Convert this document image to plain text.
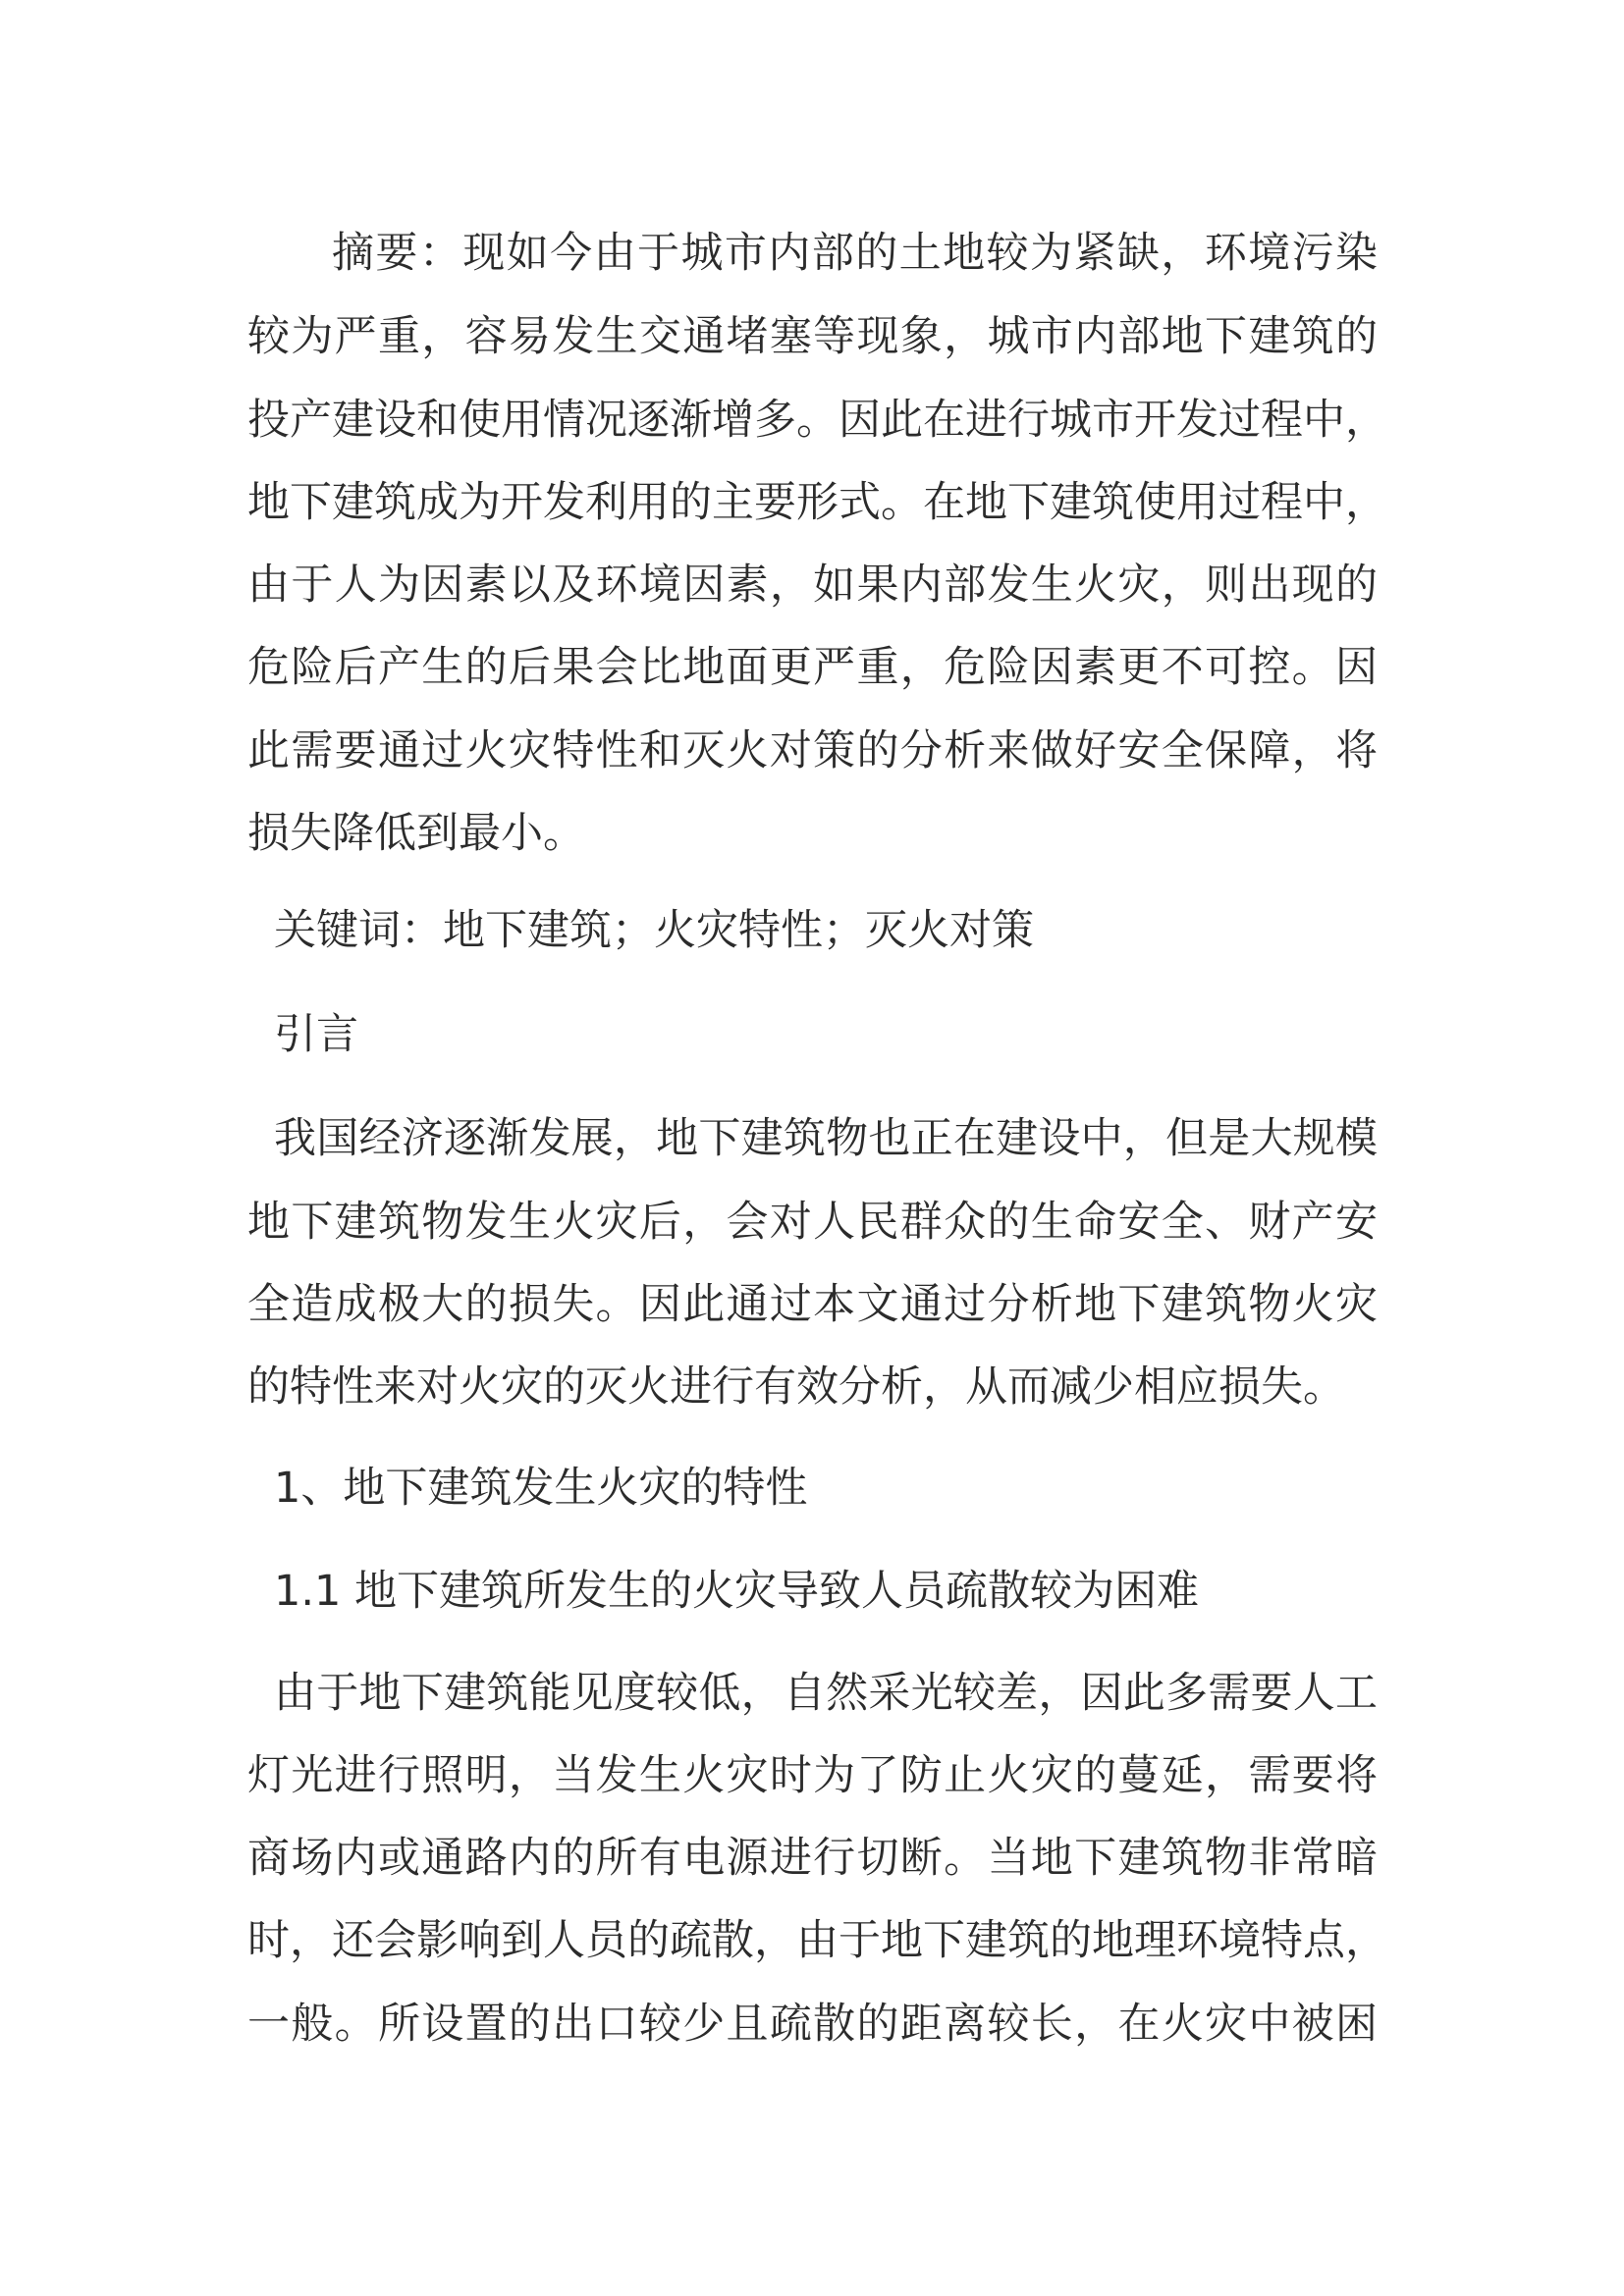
摘要：现如今由于城市内部的土地较为紧缺，环境污染
较为严重，容易发生交通堵塞等现象，城市内部地下建筑的
投产建设和使用情况逐渐增多。因此在进行城市开发过程中，
地下建筑成为开发利用的主要形式。在地下建筑使用过程中，
由于人为因素以及环境因素，如果内部发生火灾，则出现的
危险后产生的后果会比地面更严重，危险因素更不可控。因
此需要通过火灾特性和灭火对策的分析来做好安全保障，将
损失降低到最小。
关键词：地下建筑；火灾特性；灭火对策
引言
我国经济逐渐发展，地下建筑物也正在建设中，但是大规模
地下建筑物发生火灾后，会对人民群众的生命安全、财产安
全造成极大的损失。因此通过本文通过分析地下建筑物火灾
的特性来对火灾的灭火进行有效分析，从而减少相应损失。
1、地下建筑发生火灾的特性
1.1 地下建筑所发生的火灾导致人员疏散较为困难
由于地下建筑能见度较低，自然采光较差，因此多需要人工
灯光进行照明，当发生火灾时为了防止火灾的蔓延，需要将
商场内或通路内的所有电源进行切断。当地下建筑物非常暗
时，还会影响到人员的疏散，由于地下建筑的地理环境特点，
一般。所设置的出口较少且疏散的距离较长，在火灾中被困
